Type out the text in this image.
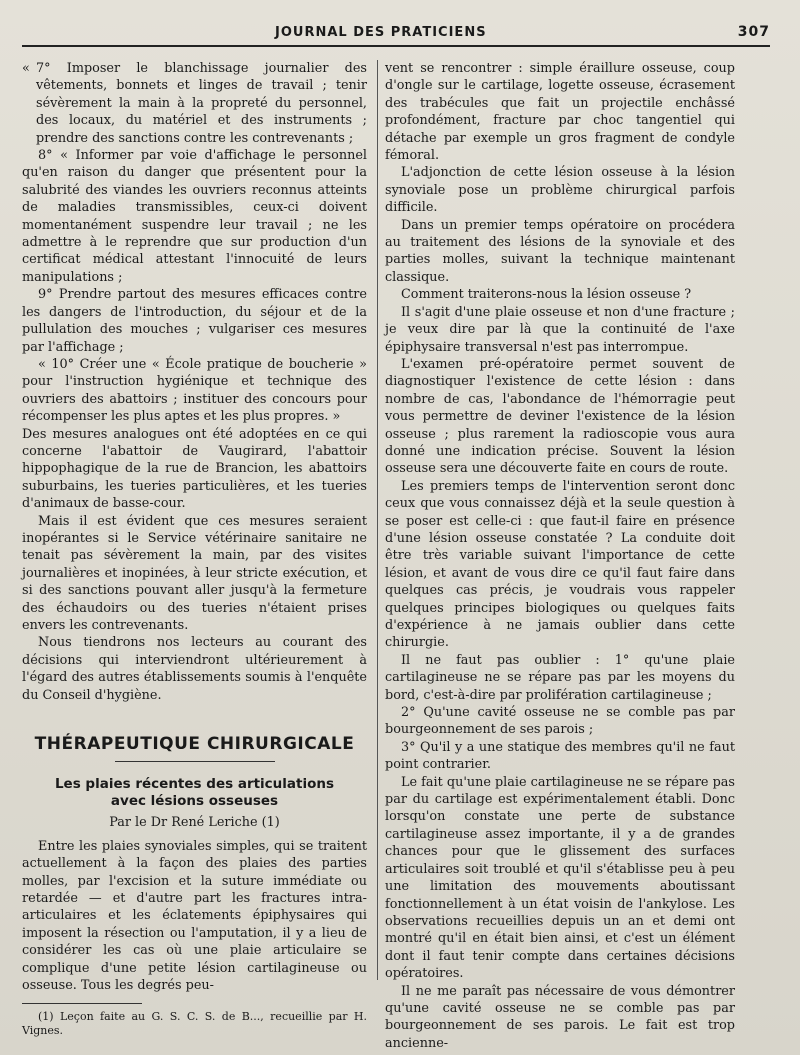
JOURNAL DES PRATICIENS	307

« 7° Imposer le blanchissage journalier des vêtements, bonnets et linges de travail ; tenir sévèrement la main à la propreté du personnel, des locaux, du matériel et des instruments ; prendre des sanctions contre les contrevenants ;

8° « Informer par voie d'affichage le personnel qu'en raison du danger que présentent pour la salubrité des viandes les ouvriers reconnus atteints de maladies transmissibles, ceux-ci doivent momentanément suspendre leur travail ; ne les admettre à le reprendre que sur production d'un certificat médical attestant l'innocuité de leurs manipulations ;

9° Prendre partout des mesures efficaces contre les dangers de l'introduction, du séjour et de la pullulation des mouches ; vulgariser ces mesures par l'affichage ;

« 10° Créer une « École pratique de boucherie » pour l'instruction hygiénique et technique des ouvriers des abattoirs ; instituer des concours pour récompenser les plus aptes et les plus propres. »

Des mesures analogues ont été adoptées en ce qui concerne l'abattoir de Vaugirard, l'abattoir hippophagique de la rue de Brancion, les abattoirs suburbains, les tueries particulières, et les tueries d'animaux de basse-cour.

Mais il est évident que ces mesures seraient inopérantes si le Service vétérinaire sanitaire ne tenait pas sévèrement la main, par des visites journalières et inopinées, à leur stricte exécution, et si des sanctions pouvant aller jusqu'à la fermeture des échaudoirs ou des tueries n'étaient prises envers les contrevenants.

Nous tiendrons nos lecteurs au courant des décisions qui interviendront ultérieurement à l'égard des autres établissements soumis à l'enquête du Conseil d'hygiène.

THÉRAPEUTIQUE CHIRURGICALE
Les plaies récentes des articulations
avec lésions osseuses
Par le Dr René Leriche (1)

Entre les plaies synoviales simples, qui se traitent actuellement à la façon des plaies des parties molles, par l'excision et la suture immédiate ou retardée — et d'autre part les fractures intra-articulaires et les éclatements épiphysaires qui imposent la résection ou l'amputation, il y a lieu de considérer les cas où une plaie articulaire se complique d'une petite lésion cartilagineuse ou osseuse. Tous les degrés peu-

(1) Leçon faite au G. S. C. S. de B..., recueillie par H. Vignes.

vent se rencontrer : simple éraillure osseuse, coup d'ongle sur le cartilage, logette osseuse, écrasement des trabécules que fait un projectile enchâssé profondément, fracture par choc tangentiel qui détache par exemple un gros fragment de condyle fémoral.

L'adjonction de cette lésion osseuse à la lésion synoviale pose un problème chirurgical parfois difficile.

Dans un premier temps opératoire on procédera au traitement des lésions de la synoviale et des parties molles, suivant la technique maintenant classique.

Comment traiterons-nous la lésion osseuse ?

Il s'agit d'une plaie osseuse et non d'une fracture ; je veux dire par là que la continuité de l'axe épiphysaire transversal n'est pas interrompue.

L'examen pré-opératoire permet souvent de diagnostiquer l'existence de cette lésion : dans nombre de cas, l'abondance de l'hémorragie peut vous permettre de deviner l'existence de la lésion osseuse ; plus rarement la radioscopie vous aura donné une indication précise. Souvent la lésion osseuse sera une découverte faite en cours de route.

Les premiers temps de l'intervention seront donc ceux que vous connaissez déjà et la seule question à se poser est celle-ci : que faut-il faire en présence d'une lésion osseuse constatée ? La conduite doit être très variable suivant l'importance de cette lésion, et avant de vous dire ce qu'il faut faire dans quelques cas précis, je voudrais vous rappeler quelques principes biologiques ou quelques faits d'expérience à ne jamais oublier dans cette chirurgie.

Il ne faut pas oublier : 1° qu'une plaie cartilagineuse ne se répare pas par les moyens du bord, c'est-à-dire par prolifération cartilagineuse ;

2° Qu'une cavité osseuse ne se comble pas par bourgeonnement de ses parois ;

3° Qu'il y a une statique des membres qu'il ne faut point contrarier.

Le fait qu'une plaie cartilagineuse ne se répare pas par du cartilage est expérimentalement établi. Donc lorsqu'on constate une perte de substance cartilagineuse assez importante, il y a de grandes chances pour que le glissement des surfaces articulaires soit troublé et qu'il s'établisse peu à peu une limitation des mouvements aboutissant fonctionnellement à un état voisin de l'ankylose. Les observations recueillies depuis un an et demi ont montré qu'il en était bien ainsi, et c'est un élément dont il faut tenir compte dans certaines décisions opératoires.

Il ne me paraît pas nécessaire de vous démontrer qu'une cavité osseuse ne se comble pas par bourgeonnement de ses parois. Le fait est trop ancienne-
